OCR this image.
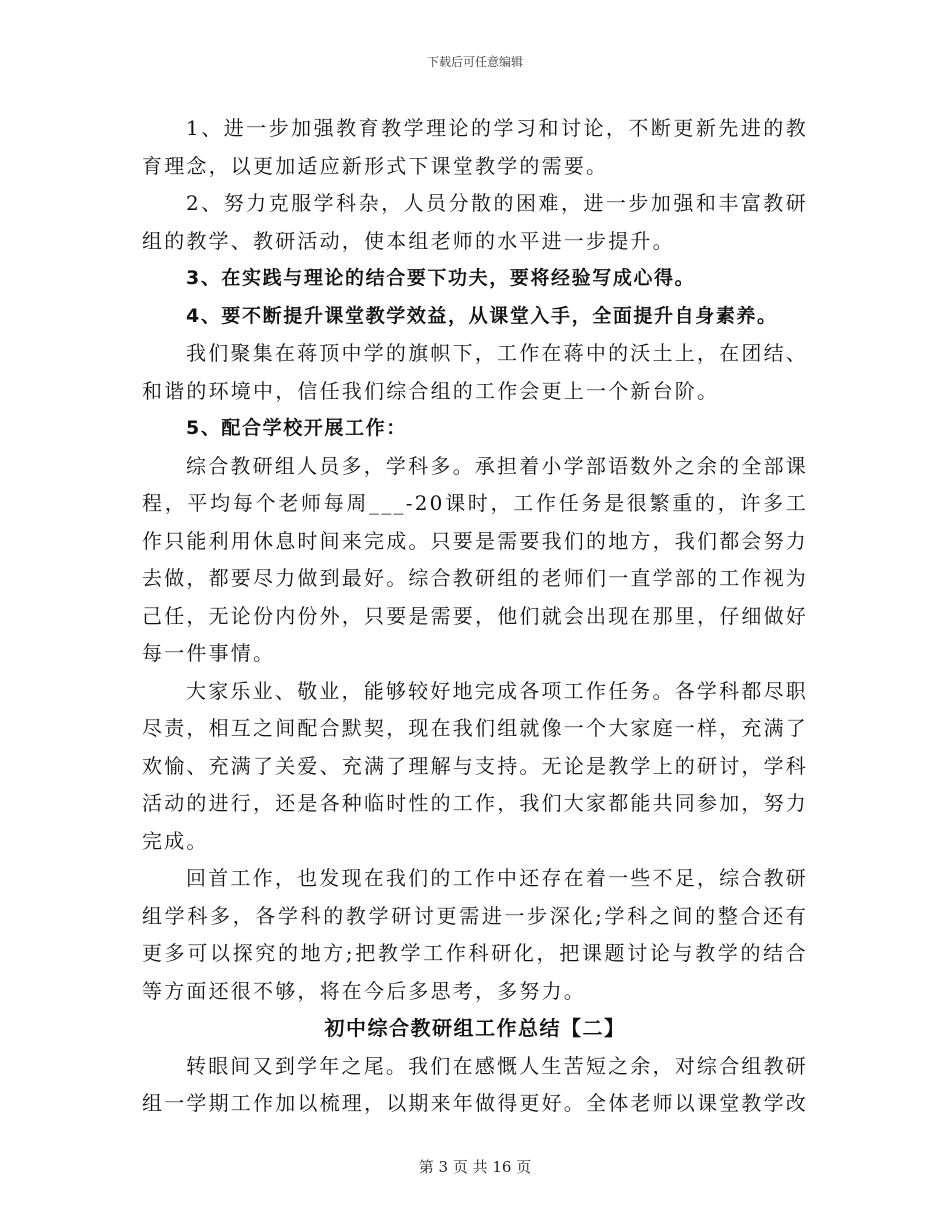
下载后可任意编辑

1、进一步加强教育教学理论的学习和讨论，不断更新先进的教育理念，以更加适应新形式下课堂教学的需要。

2、努力克服学科杂，人员分散的困难，进一步加强和丰富教研组的教学、教研活动，使本组老师的水平进一步提升。

3、在实践与理论的结合要下功夫，要将经验写成心得。

4、要不断提升课堂教学效益，从课堂入手，全面提升自身素养。

我们聚集在蒋顶中学的旗帜下，工作在蒋中的沃土上，在团结、和谐的环境中，信任我们综合组的工作会更上一个新台阶。

5、配合学校开展工作：

综合教研组人员多，学科多。承担着小学部语数外之余的全部课程，平均每个老师每周___-20课时，工作任务是很繁重的，许多工作只能利用休息时间来完成。只要是需要我们的地方，我们都会努力去做，都要尽力做到最好。综合教研组的老师们一直学部的工作视为己任，无论份内份外，只要是需要，他们就会出现在那里，仔细做好每一件事情。

大家乐业、敬业，能够较好地完成各项工作任务。各学科都尽职尽责，相互之间配合默契，现在我们组就像一个大家庭一样，充满了欢愉、充满了关爱、充满了理解与支持。无论是教学上的研讨，学科活动的进行，还是各种临时性的工作，我们大家都能共同参加，努力完成。

回首工作，也发现在我们的工作中还存在着一些不足，综合教研组学科多，各学科的教学研讨更需进一步深化;学科之间的整合还有更多可以探究的地方;把教学工作科研化，把课题讨论与教学的结合等方面还很不够，将在今后多思考，多努力。

初中综合教研组工作总结【二】

转眼间又到学年之尾。我们在感慨人生苦短之余，对综合组教研组一学期工作加以梳理，以期来年做得更好。全体老师以课堂教学改

第 3 页 共 16 页
